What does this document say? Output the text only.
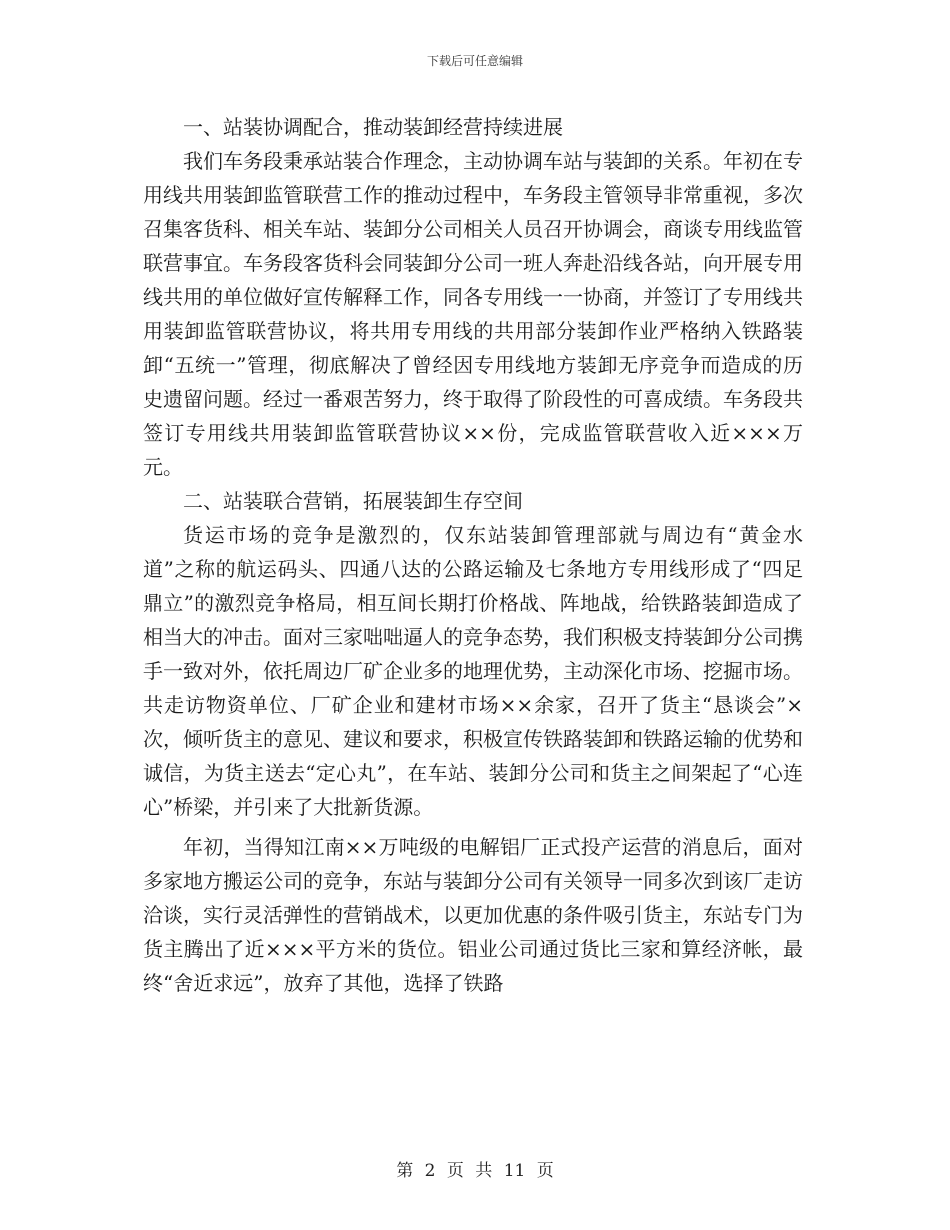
下载后可任意编辑

一、站装协调配合，推动装卸经营持续进展

我们车务段秉承站装合作理念，主动协调车站与装卸的关系。年初在专用线共用装卸监管联营工作的推动过程中，车务段主管领导非常重视，多次召集客货科、相关车站、装卸分公司相关人员召开协调会，商谈专用线监管联营事宜。车务段客货科会同装卸分公司一班人奔赴沿线各站，向开展专用线共用的单位做好宣传解释工作，同各专用线一一协商，并签订了专用线共用装卸监管联营协议，将共用专用线的共用部分装卸作业严格纳入铁路装卸“五统一”管理，彻底解决了曾经因专用线地方装卸无序竞争而造成的历史遗留问题。经过一番艰苦努力，终于取得了阶段性的可喜成绩。车务段共签订专用线共用装卸监管联营协议××份，完成监管联营收入近×××万元。

二、站装联合营销，拓展装卸生存空间

货运市场的竞争是激烈的，仅东站装卸管理部就与周边有“黄金水道”之称的航运码头、四通八达的公路运输及七条地方专用线形成了“四足鼎立”的激烈竞争格局，相互间长期打价格战、阵地战，给铁路装卸造成了相当大的冲击。面对三家咄咄逼人的竞争态势，我们积极支持装卸分公司携手一致对外，依托周边厂矿企业多的地理优势，主动深化市场、挖掘市场。共走访物资单位、厂矿企业和建材市场××余家，召开了货主“恳谈会”×次，倾听货主的意见、建议和要求，积极宣传铁路装卸和铁路运输的优势和诚信，为货主送去“定心丸”，在车站、装卸分公司和货主之间架起了“心连心”桥梁，并引来了大批新货源。

年初，当得知江南××万吨级的电解铝厂正式投产运营的消息后，面对多家地方搬运公司的竞争，东站与装卸分公司有关领导一同多次到该厂走访洽谈，实行灵活弹性的营销战术，以更加优惠的条件吸引货主，东站专门为货主腾出了近×××平方米的货位。铝业公司通过货比三家和算经济帐，最终“舍近求远”，放弃了其他，选择了铁路

第 2 页 共 11 页
